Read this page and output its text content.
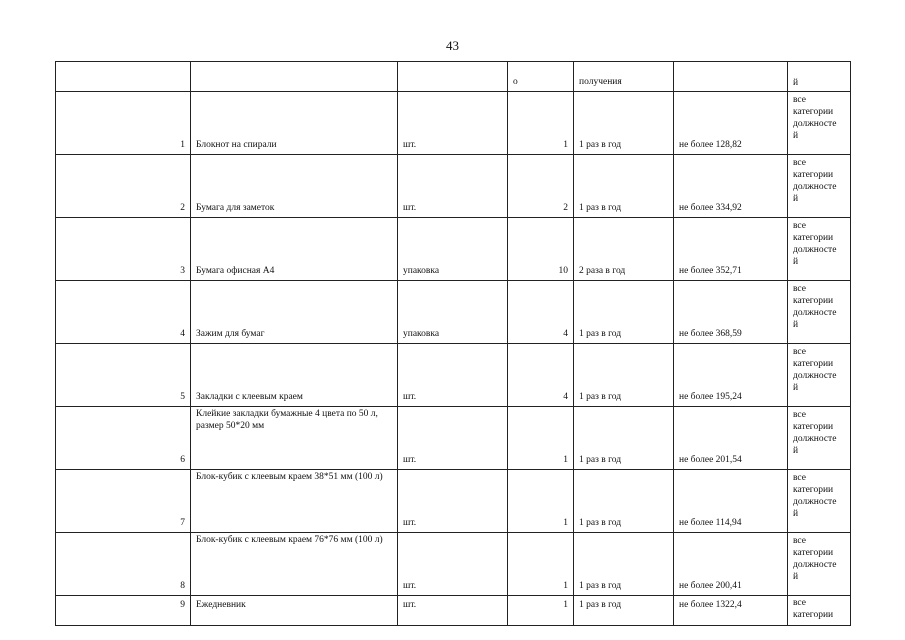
43
			о	получения		й
1	Блокнот на спирали	шт.	1	1 раз в год	не более 128,82	все
категории
должносте
й

2	Бумага для заметок	шт.	2	1 раз в год	не более 334,92	все
категории
должносте
й

3	Бумага офисная А4	упаковка	10	2 раза в год	не более 352,71	все
категории
должносте
й

4	Зажим для бумаг	упаковка	4	1 раз в год	не более 368,59	все
категории
должносте
й

5	Закладки с клеевым краем	шт.	4	1 раз в год	не более 195,24	все
категории
должносте
й

6	Клейкие закладки бумажные 4 цвета по 50 л, размер 50*20 мм	шт.	1	1 раз в год	не более 201,54	все
категории
должносте
й

7	Блок-кубик с клеевым краем 38*51 мм (100 л)	шт.	1	1 раз в год	не более 114,94	все
категории
должносте
й

8	Блок-кубик с клеевым краем 76*76 мм (100 л)	шт.	1	1 раз в год	не более 200,41	все
категории
должносте
й

9	Ежедневник	шт.	1	1 раз в год	не более 1322,4	все
категории
